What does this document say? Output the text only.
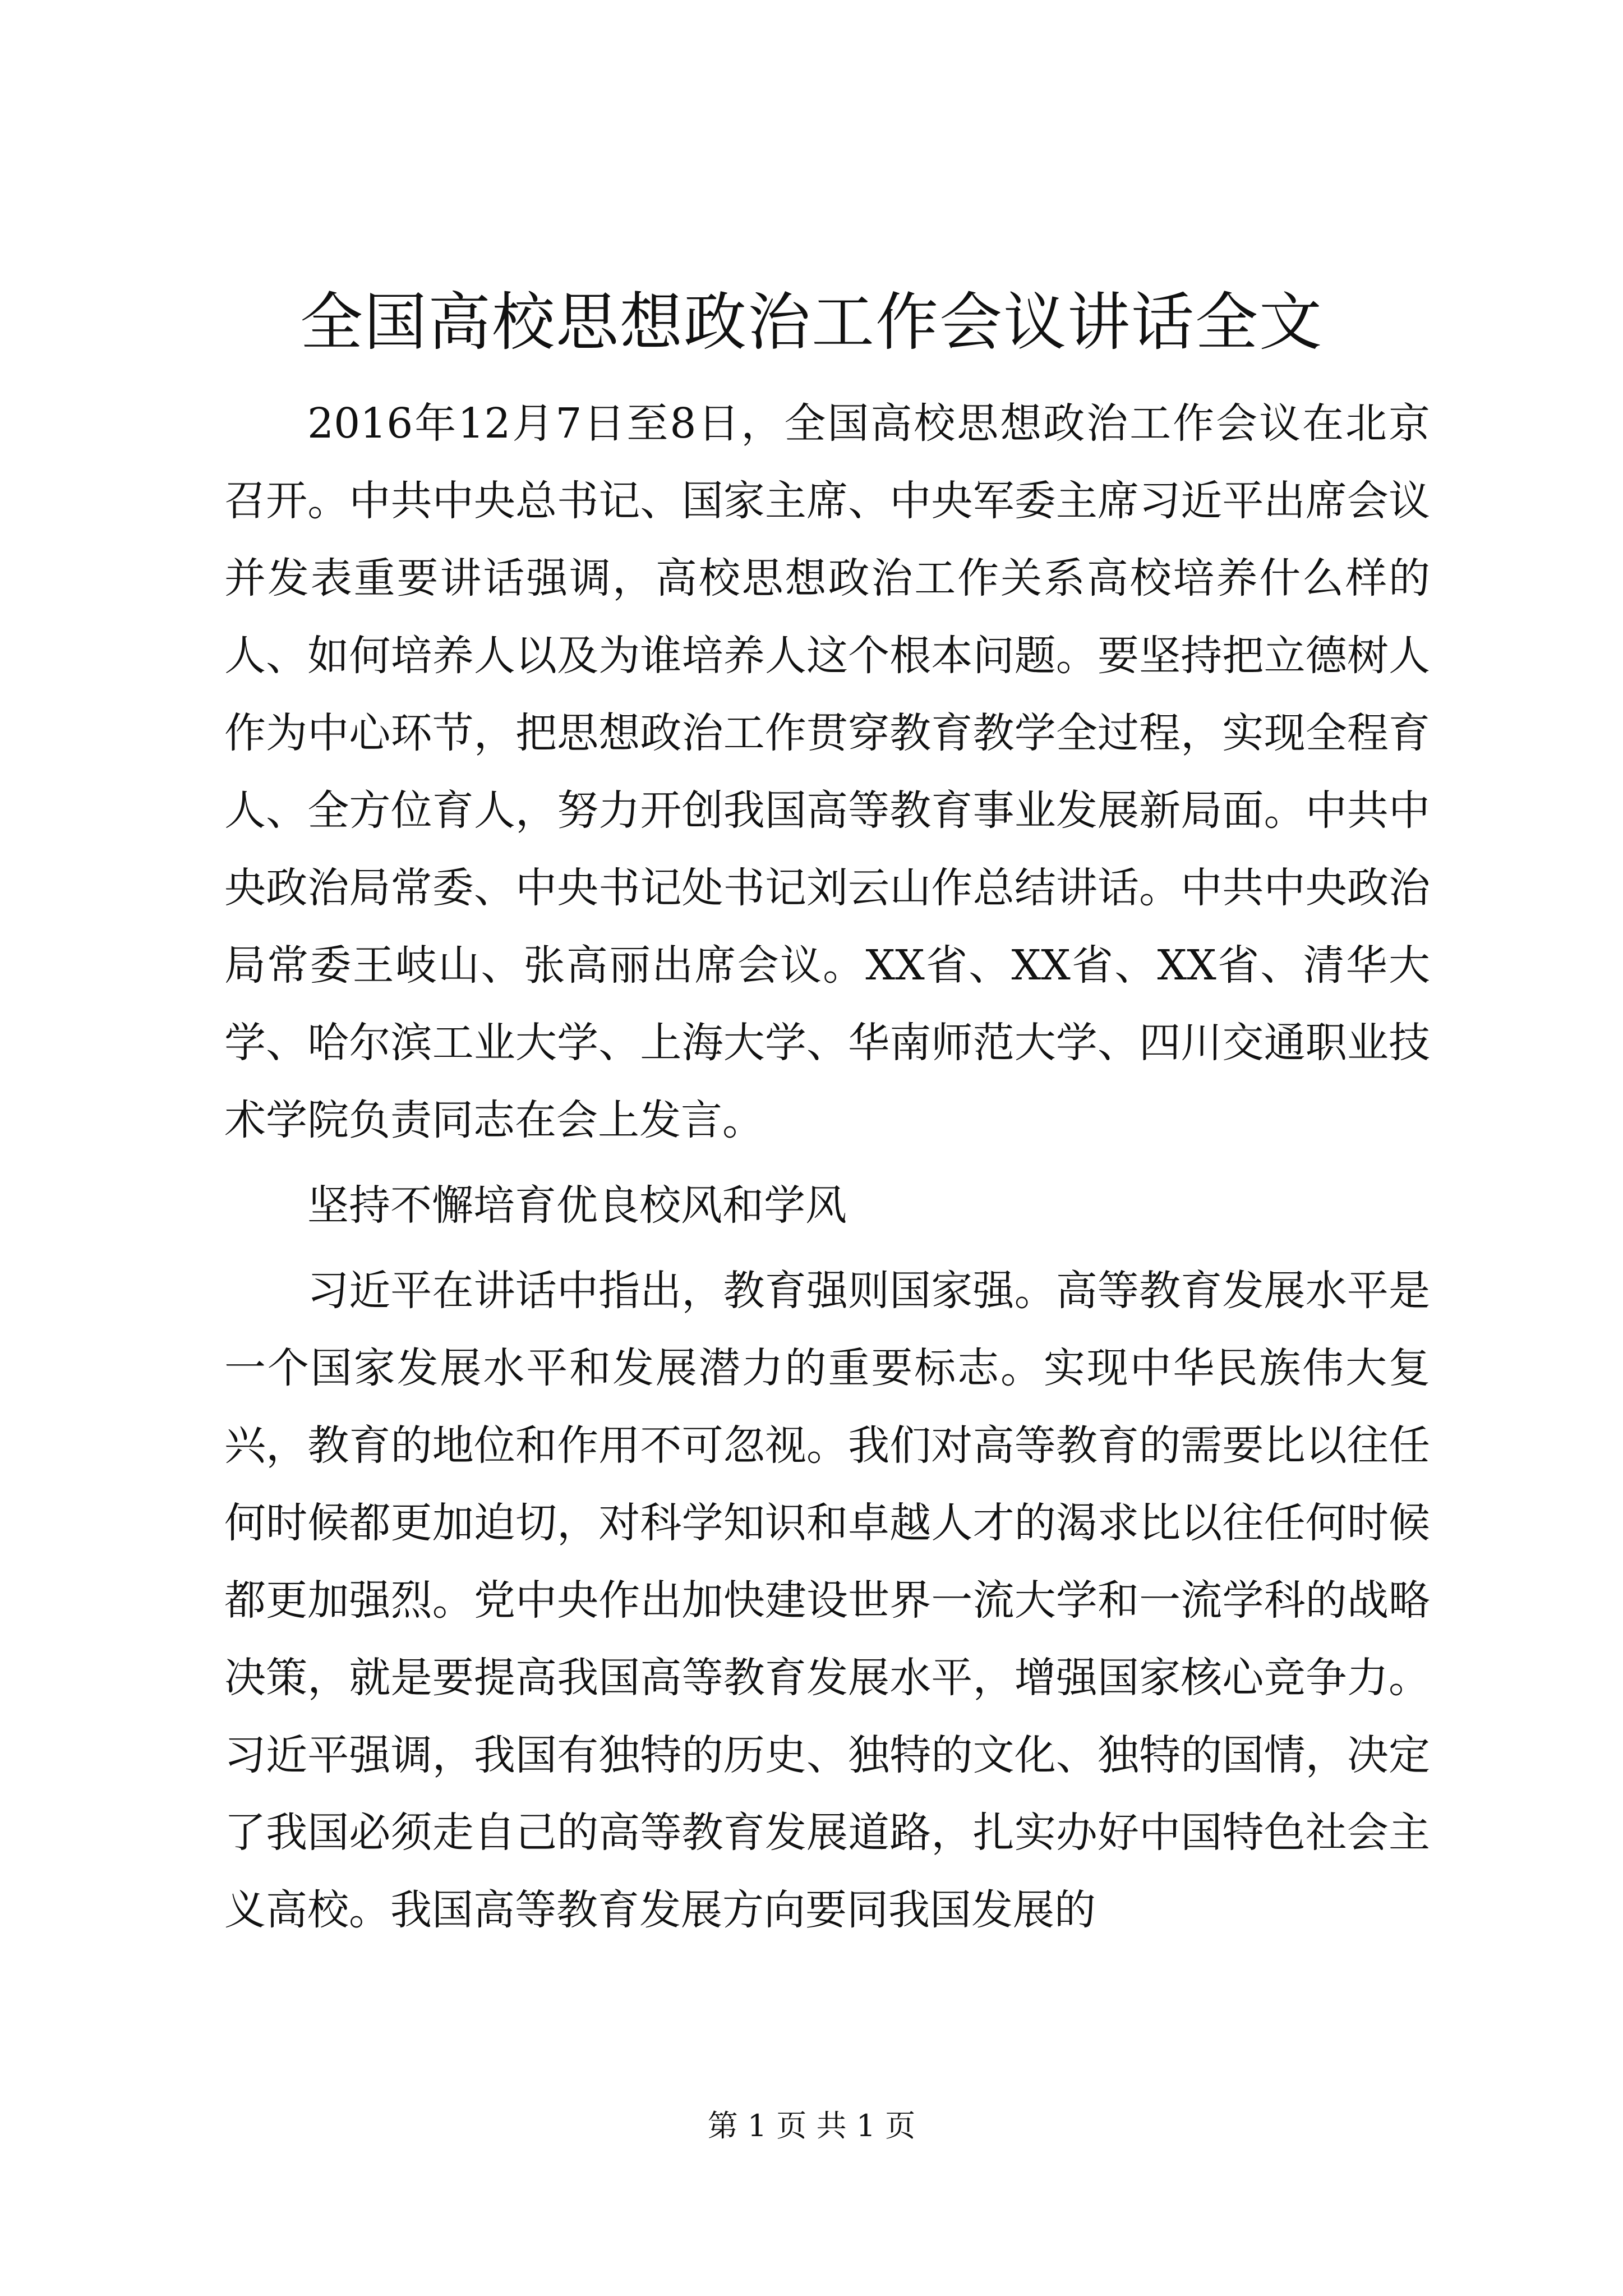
全国高校思想政治工作会议讲话全文

2016年12月7日至8日，全国高校思想政治工作会议在北京召开。中共中央总书记、国家主席、中央军委主席习近平出席会议并发表重要讲话强调，高校思想政治工作关系高校培养什么样的人、如何培养人以及为谁培养人这个根本问题。要坚持把立德树人作为中心环节，把思想政治工作贯穿教育教学全过程，实现全程育人、全方位育人，努力开创我国高等教育事业发展新局面。中共中央政治局常委、中央书记处书记刘云山作总结讲话。中共中央政治局常委王岐山、张高丽出席会议。XX省、XX省、XX省、清华大学、哈尔滨工业大学、上海大学、华南师范大学、四川交通职业技术学院负责同志在会上发言。

坚持不懈培育优良校风和学风

习近平在讲话中指出，教育强则国家强。高等教育发展水平是一个国家发展水平和发展潜力的重要标志。实现中华民族伟大复兴，教育的地位和作用不可忽视。我们对高等教育的需要比以往任何时候都更加迫切，对科学知识和卓越人才的渴求比以往任何时候都更加强烈。党中央作出加快建设世界一流大学和一流学科的战略决策，就是要提高我国高等教育发展水平，增强国家核心竞争力。习近平强调，我国有独特的历史、独特的文化、独特的国情，决定了我国必须走自己的高等教育发展道路，扎实办好中国特色社会主义高校。我国高等教育发展方向要同我国发展的

第 1 页 共 1 页
